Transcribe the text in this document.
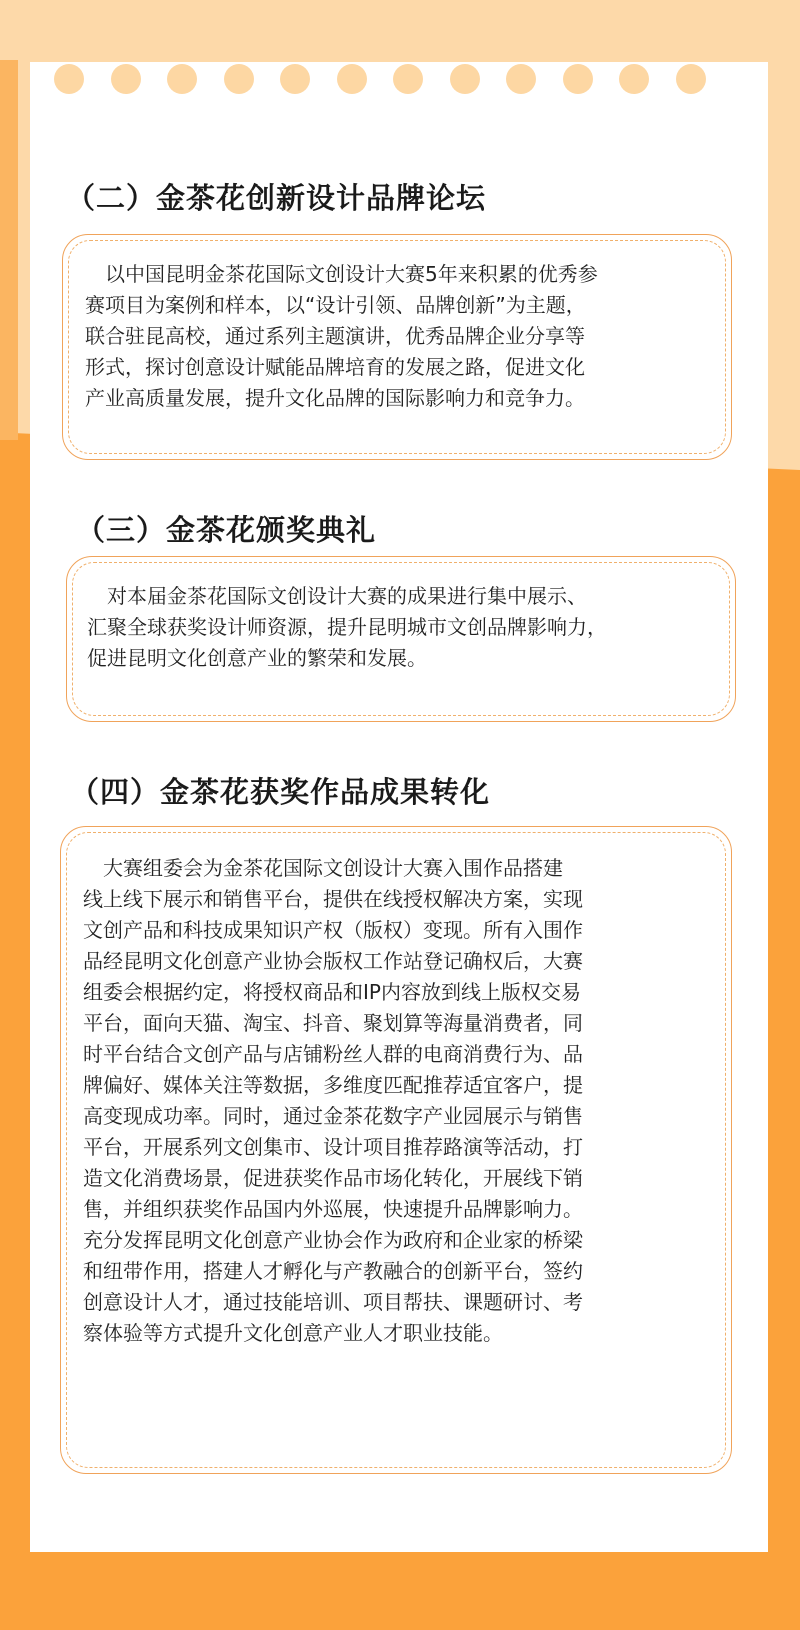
（二）金茶花创新设计品牌论坛

　以中国昆明金茶花国际文创设计大赛5年来积累的优秀参
赛项目为案例和样本，以“设计引领、品牌创新”为主题，
联合驻昆高校，通过系列主题演讲，优秀品牌企业分享等
形式，探讨创意设计赋能品牌培育的发展之路，促进文化
产业高质量发展，提升文化品牌的国际影响力和竞争力。

（三）金茶花颁奖典礼

　对本届金茶花国际文创设计大赛的成果进行集中展示、
汇聚全球获奖设计师资源，提升昆明城市文创品牌影响力，
促进昆明文化创意产业的繁荣和发展。

（四）金茶花获奖作品成果转化

　大赛组委会为金茶花国际文创设计大赛入围作品搭建
线上线下展示和销售平台，提供在线授权解决方案，实现
文创产品和科技成果知识产权（版权）变现。所有入围作
品经昆明文化创意产业协会版权工作站登记确权后，大赛
组委会根据约定，将授权商品和IP内容放到线上版权交易
平台，面向天猫、淘宝、抖音、聚划算等海量消费者，同
时平台结合文创产品与店铺粉丝人群的电商消费行为、品
牌偏好、媒体关注等数据，多维度匹配推荐适宜客户，提
高变现成功率。同时，通过金茶花数字产业园展示与销售
平台，开展系列文创集市、设计项目推荐路演等活动，打
造文化消费场景，促进获奖作品市场化转化，开展线下销
售，并组织获奖作品国内外巡展，快速提升品牌影响力。
充分发挥昆明文化创意产业协会作为政府和企业家的桥梁
和纽带作用，搭建人才孵化与产教融合的创新平台，签约
创意设计人才，通过技能培训、项目帮扶、课题研讨、考
察体验等方式提升文化创意产业人才职业技能。
